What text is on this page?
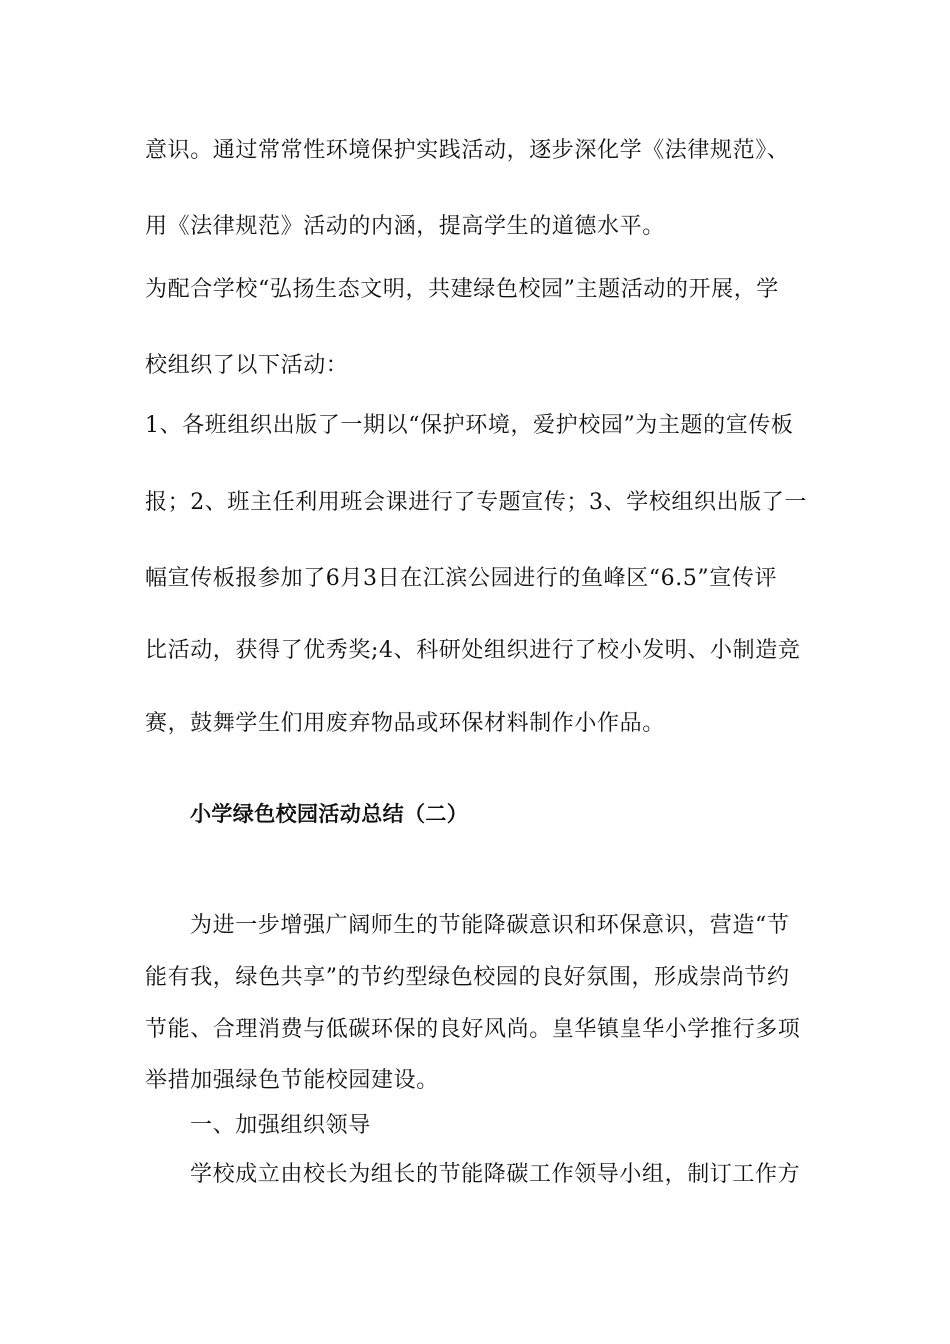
意识。通过常常性环境保护实践活动，逐步深化学《法律规范》、
用《法律规范》活动的内涵，提高学生的道德水平。
为配合学校“弘扬生态文明，共建绿色校园”主题活动的开展，学
校组织了以下活动：
1、各班组织出版了一期以“保护环境，爱护校园”为主题的宣传板
报；2、班主任利用班会课进行了专题宣传；3、学校组织出版了一
幅宣传板报参加了6月3日在江滨公园进行的鱼峰区“6.5”宣传评
比活动，获得了优秀奖;4、科研处组织进行了校小发明、小制造竞
赛，鼓舞学生们用废弃物品或环保材料制作小作品。
小学绿色校园活动总结（二）
为进一步增强广阔师生的节能降碳意识和环保意识，营造“节
能有我，绿色共享”的节约型绿色校园的良好氛围，形成崇尚节约
节能、合理消费与低碳环保的良好风尚。皇华镇皇华小学推行多项
举措加强绿色节能校园建设。
一、加强组织领导
学校成立由校长为组长的节能降碳工作领导小组，制订工作方
